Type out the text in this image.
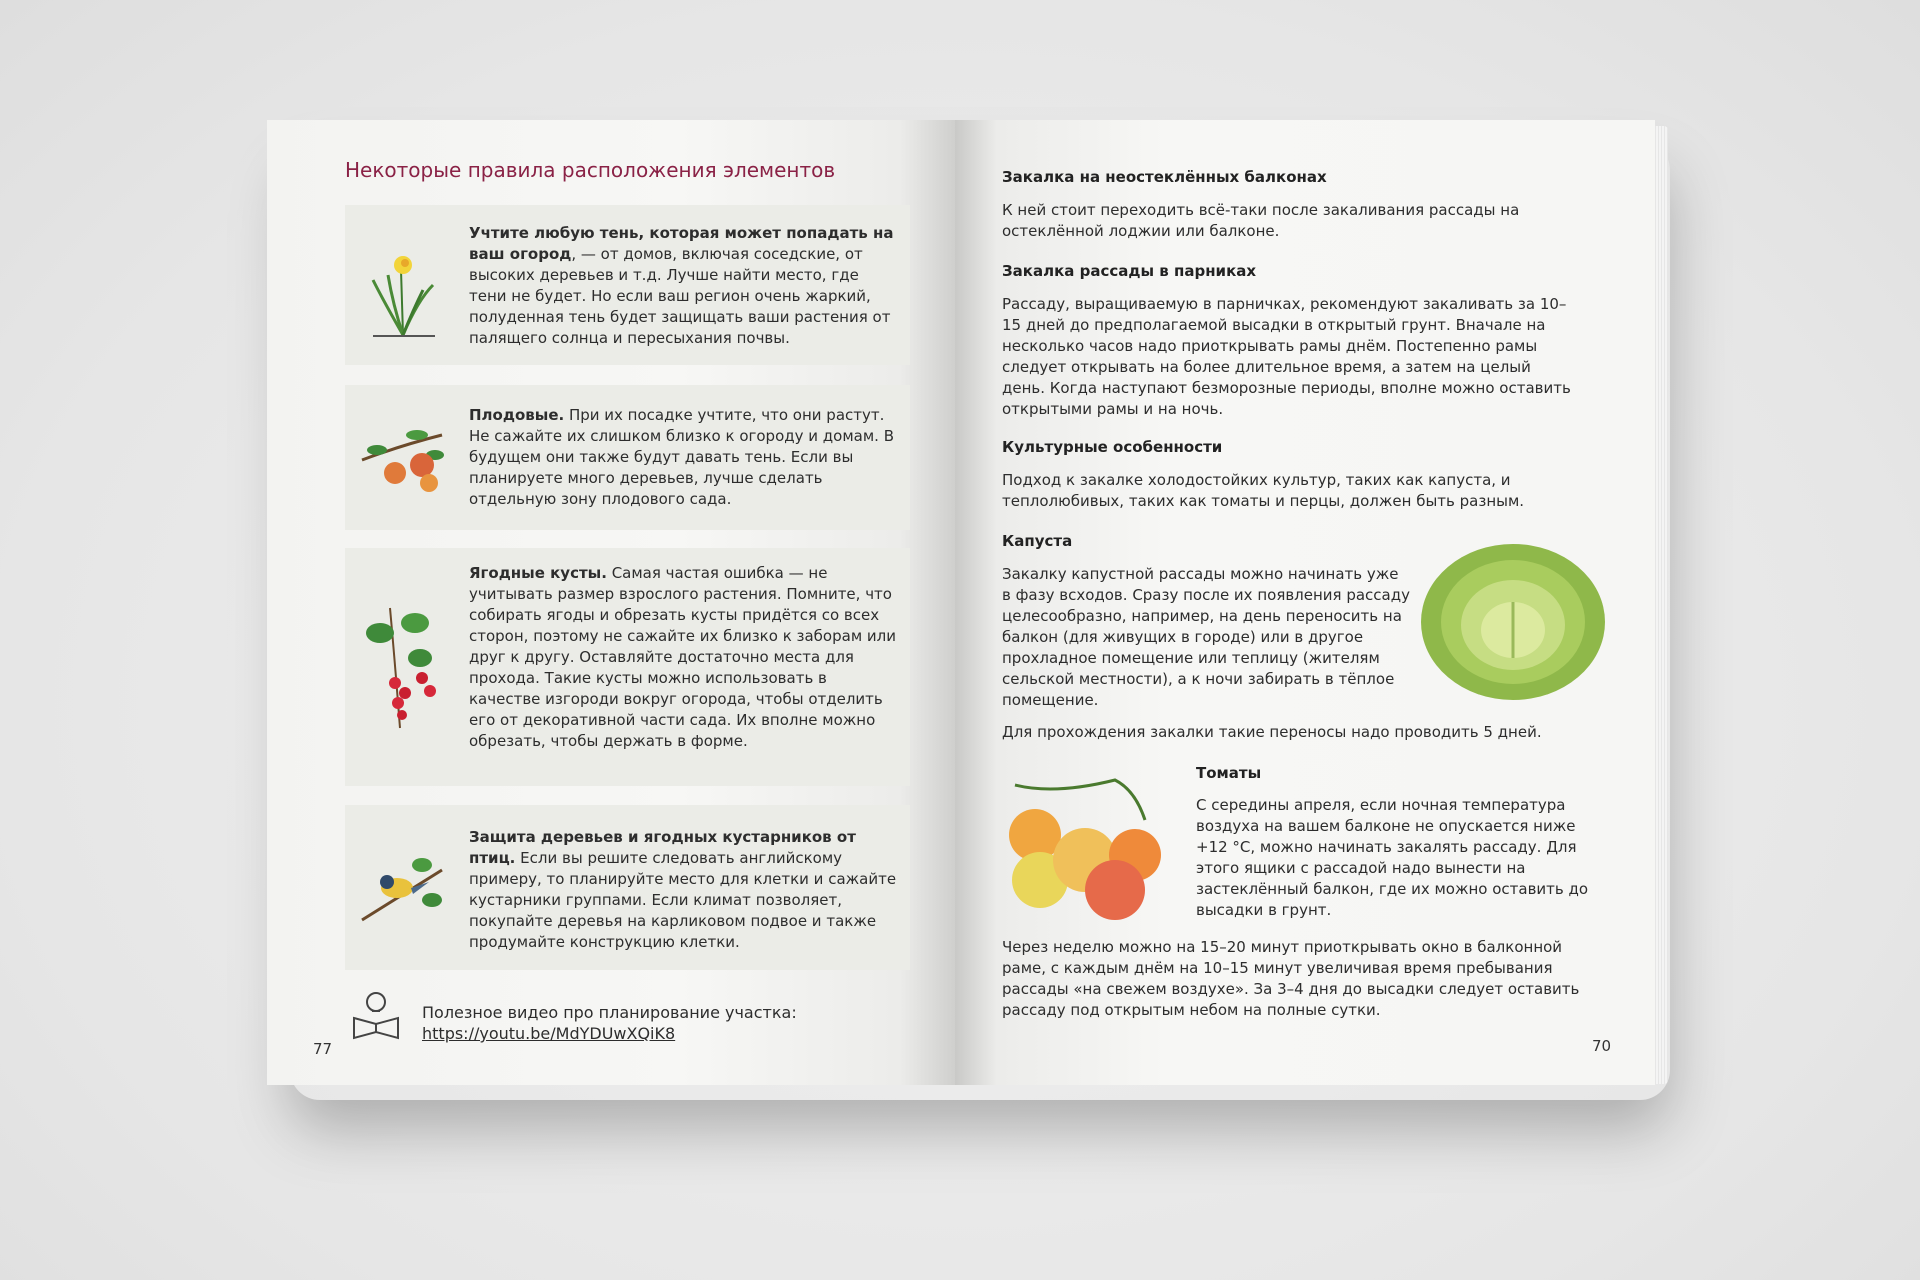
Некоторые правила расположения элементов
Учтите любую тень, которая может попадать на ваш огород, — от домов, включая соседские, от высоких деревьев и т.д. Лучше найти место, где тени не будет. Но если ваш регион очень жаркий, полуденная тень будет защищать ваши растения от палящего солнца и пересыхания почвы.
Плодовые. При их посадке учтите, что они растут. Не сажайте их слишком близко к огороду и домам. В будущем они также будут давать тень. Если вы планируете много деревьев, лучше сделать отдельную зону плодового сада.
Ягодные кусты. Самая частая ошибка — не учитывать размер взрослого растения. Помните, что собирать ягоды и обрезать кусты придётся со всех сторон, поэтому не сажайте их близко к заборам или друг к другу. Оставляйте достаточно места для прохода. Такие кусты можно использовать в качестве изгороди вокруг огорода, чтобы отделить его от декоративной части сада. Их вполне можно обрезать, чтобы держать в форме.
Защита деревьев и ягодных кустарников от птиц. Если вы решите следовать английскому примеру, то планируйте место для клетки и сажайте кустарники группами. Если климат позволяет, покупайте деревья на карликовом подвое и также продумайте конструкцию клетки.
Полезное видео про планирование участка:
https://youtu.be/MdYDUwXQiK8
77
Закалка на неостеклённых балконах
К ней стоит переходить всё-таки после закаливания рассады на остеклённой лоджии или балконе.
Закалка рассады в парниках
Рассаду, выращиваемую в парничках, рекомендуют закаливать за 10–15 дней до предполагаемой высадки в открытый грунт. Вначале на несколько часов надо приоткрывать рамы днём. Постепенно рамы следует открывать на более длительное время, а затем на целый день. Когда наступают безморозные периоды, вполне можно оставить открытыми рамы и на ночь.
Культурные особенности
Подход к закалке холодостойких культур, таких как капуста, и теплолюбивых, таких как томаты и перцы, должен быть разным.
Капуста
Закалку капустной рассады можно начинать уже в фазу всходов. Сразу после их появления рассаду целесообразно, например, на день переносить на балкон (для живущих в городе) или в другое прохладное помещение или теплицу (жителям сельской местности), а к ночи забирать в тёплое помещение.
Для прохождения закалки такие переносы надо проводить 5 дней.
Томаты
С середины апреля, если ночная температура воздуха на вашем балконе не опускается ниже +12 °С, можно начинать закалять рассаду. Для этого ящики с рассадой надо вынести на застеклённый балкон, где их можно оставить до высадки в грунт.
Через неделю можно на 15–20 минут приоткрывать окно в балконной раме, с каждым днём на 10–15 минут увеличивая время пребывания рассады «на свежем воздухе». За 3–4 дня до высадки следует оставить рассаду под открытым небом на полные сутки.
70
